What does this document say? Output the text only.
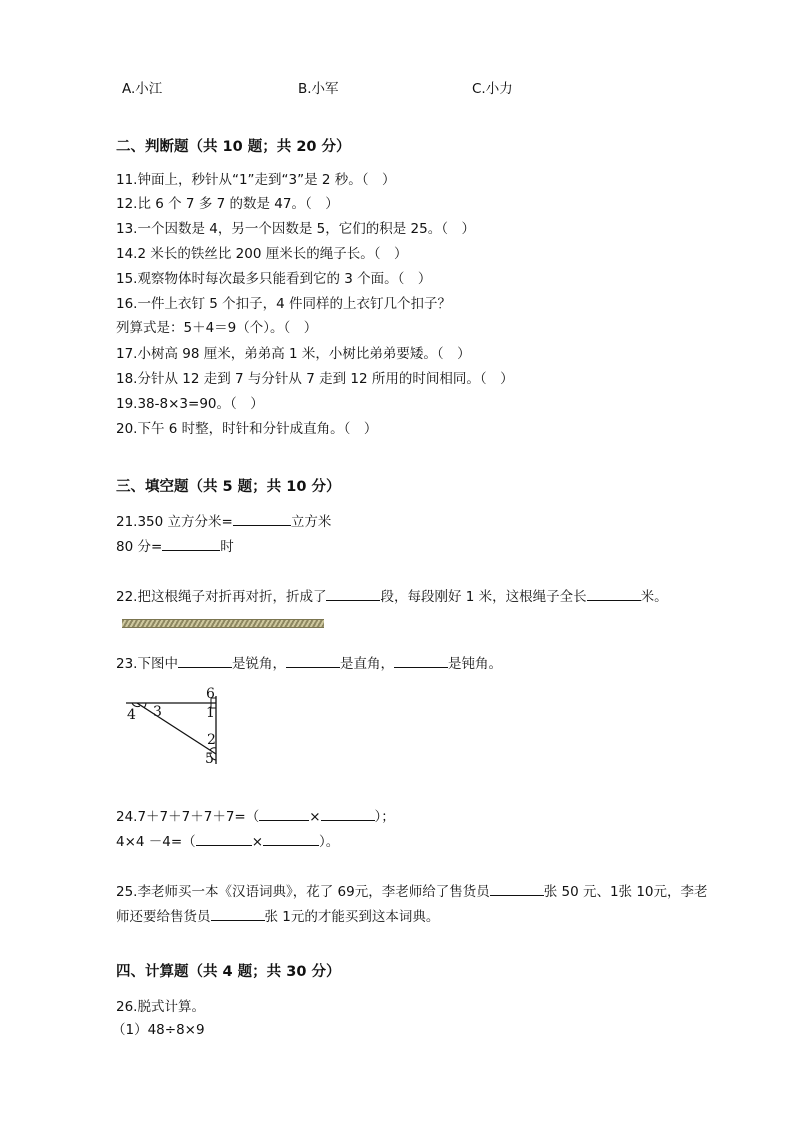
A.小江	B.小军	C.小力
二、判断题（共 10 题；共 20 分）
11.钟面上，秒针从“1”走到“3”是 2 秒。（　）
12.比 6 个 7 多 7 的数是 47。（　）
13.一个因数是 4，另一个因数是 5，它们的积是 25。（　）
14.2 米长的铁丝比 200 厘米长的绳子长。（　）
15.观察物体时每次最多只能看到它的 3 个面。（　）
16.一件上衣钉 5 个扣子，4 件同样的上衣钉几个扣子？
列算式是：5＋4＝9（个）。（　）
17.小树高 98 厘米，弟弟高 1 米，小树比弟弟要矮。（　）
18.分针从 12 走到 7 与分针从 7 走到 12 所用的时间相同。（　）
19.38-8×3=90。（　）
20.下午 6 时整，时针和分针成直角。（　）
三、填空题（共 5 题；共 10 分）
21.350 立方分米=	立方米
80 分=	时
22.把这根绳子对折再对折，折成了	段，每段刚好 1 米，这根绳子全长	米。
23.下图中	是锐角，	是直角，	是钝角。
6
4 3	1
2
5
24.7＋7＋7＋7＋7=（	×	）；
4×4 －4=（	×	）。
25.李老师买一本《汉语词典》，花了 69元，李老师给了售货员	张 50 元、1张 10元，李老
师还要给售货员	张 1元的才能买到这本词典。
四、计算题（共 4 题；共 30 分）
26.脱式计算。
（1）48÷8×9
